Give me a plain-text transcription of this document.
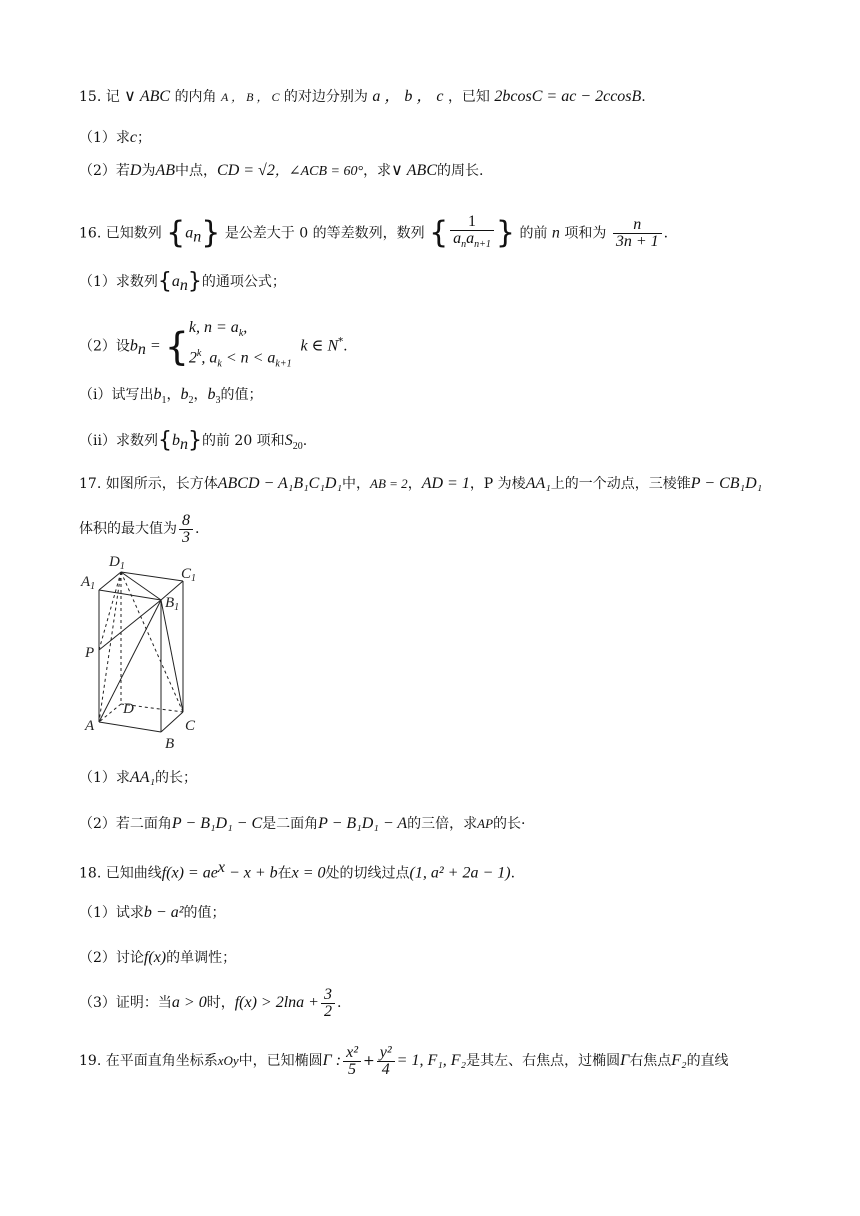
15. 记 ∨ ABC 的内角 A ， B ， C 的对边分别为 a ， b ， c ，已知 2bcosC = ac − 2ccosB.
（1）求c；
（2）若D为AB中点，CD = √2，∠ACB = 60°，求∨ ABC的周长.
16. 已知数列 $\{a_n\}$ 是公差大于 0 的等差数列，数列 { $\frac{1}{a_na_{n+1}}$ } 的前 n 项和为 $\frac{n}{3n + 1}$ .
（1）求数列$\{a_n\}$的通项公式；
（2）设$b_n$ = { k, $n = a_k$,
2$^k$, $a_k < n < a_{k+1}$
k ∈ N*.
（i）试写出$b_1$，$b_2$，$b_3$的值；
（ii）求数列$\{b_n\}$的前 20 项和$S_{20}$.
17. 如图所示，长方体ABCD − A₁B₁C₁D₁中，AB = 2，AD = 1，P 为棱AA₁上的一个动点，三棱锥P − CB₁D₁
体积的最大值为 $\frac{8}{3}$ .
$D_1$
$A_1$
$C_1$
$B_1$
P
D
A	C
B
（1）求AA₁的长；
（2）若二面角P − B₁D₁ − C是二面角P − B₁D₁ − A的三倍，求AP的长·
18. 已知曲线$f(x) = ae^x - x + b$在x = 0处的切线过点(1, a² + 2a − 1).
（1）试求b − a²的值；
（2）讨论f(x)的单调性；
（3）证明：当a > 0时，$f(x) > 2\ln a + \frac{3}{2}$ .
19. 在平面直角坐标系xOy中，已知椭圆Γ : $\frac{\text{x²}}{5} + \frac{\text{y²}}{4} = 1$, F₁, F₂是其左、右焦点，过椭圆Γ右焦点F₂的直线
